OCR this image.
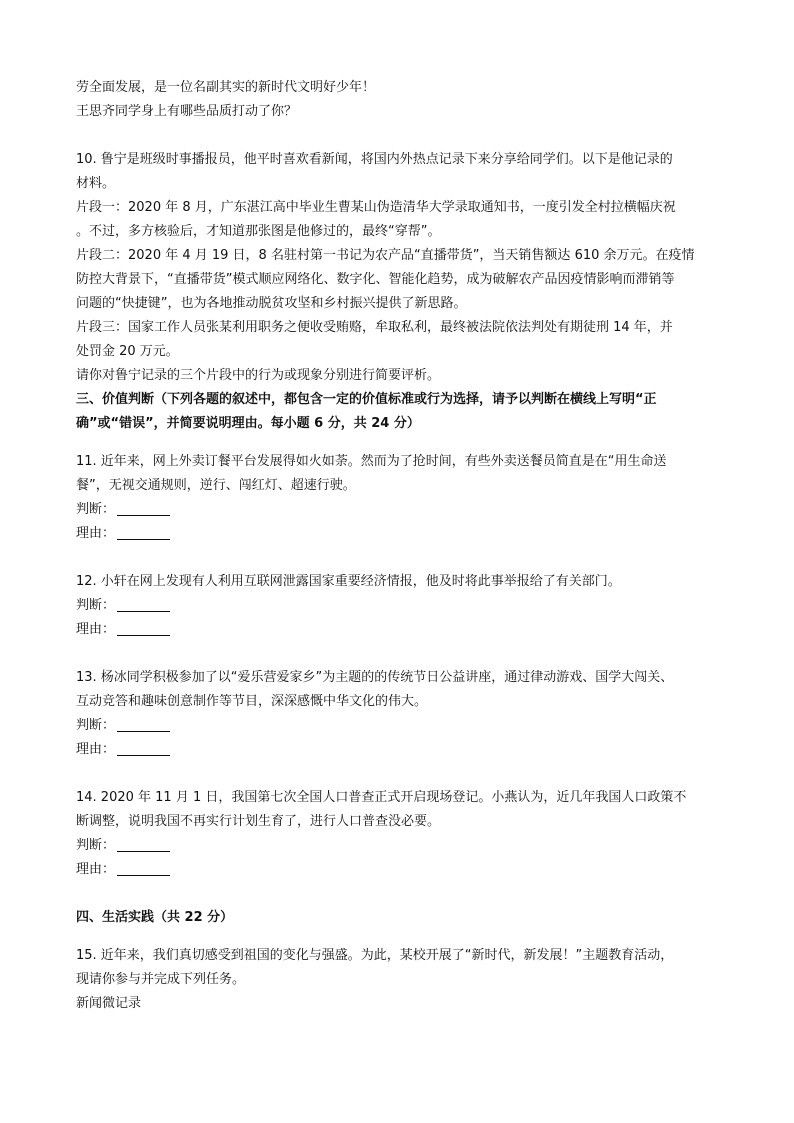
劳全面发展，是一位名副其实的新时代文明好少年！
王思齐同学身上有哪些品质打动了你？
10. 鲁宁是班级时事播报员，他平时喜欢看新闻，将国内外热点记录下来分享给同学们。以下是他记录的
材料。
片段一：2020 年 8 月，广东湛江高中毕业生曹某山伪造清华大学录取通知书，一度引发全村拉横幅庆祝
。不过，多方核验后，才知道那张图是他修过的，最终“穿帮”。
片段二：2020 年 4 月 19 日，8 名驻村第一书记为农产品“直播带货”，当天销售额达 610 余万元。在疫情
防控大背景下，“直播带货”模式顺应网络化、数字化、智能化趋势，成为破解农产品因疫情影响而滞销等
问题的“快捷键”，也为各地推动脱贫攻坚和乡村振兴提供了新思路。
片段三：国家工作人员张某利用职务之便收受贿赂，牟取私利，最终被法院依法判处有期徒刑 14 年，并
处罚金 20 万元。
请你对鲁宁记录的三个片段中的行为或现象分别进行简要评析。
三、价值判断（下列各题的叙述中，都包含一定的价值标准或行为选择，请予以判断在横线上写明“正
确”或“错误”，并简要说明理由。每小题 6 分，共 24 分）
11. 近年来，网上外卖订餐平台发展得如火如荼。然而为了抢时间，有些外卖送餐员简直是在“用生命送
餐”，无视交通规则，逆行、闯红灯、超速行驶。
判断：
理由：
12. 小轩在网上发现有人利用互联网泄露国家重要经济情报，他及时将此事举报给了有关部门。
判断：
理由：
13. 杨冰同学积极参加了以“爱乐营爱家乡”为主题的的传统节日公益讲座，通过律动游戏、国学大闯关、
互动竞答和趣味创意制作等节目，深深感慨中华文化的伟大。
判断：
理由：
14. 2020 年 11 月 1 日，我国第七次全国人口普查正式开启现场登记。小燕认为，近几年我国人口政策不
断调整，说明我国不再实行计划生育了，进行人口普查没必要。
判断：
理由：
四、生活实践（共 22 分）
15. 近年来，我们真切感受到祖国的变化与强盛。为此，某校开展了“新时代，新发展！”主题教育活动，
现请你参与并完成下列任务。
新闻微记录
